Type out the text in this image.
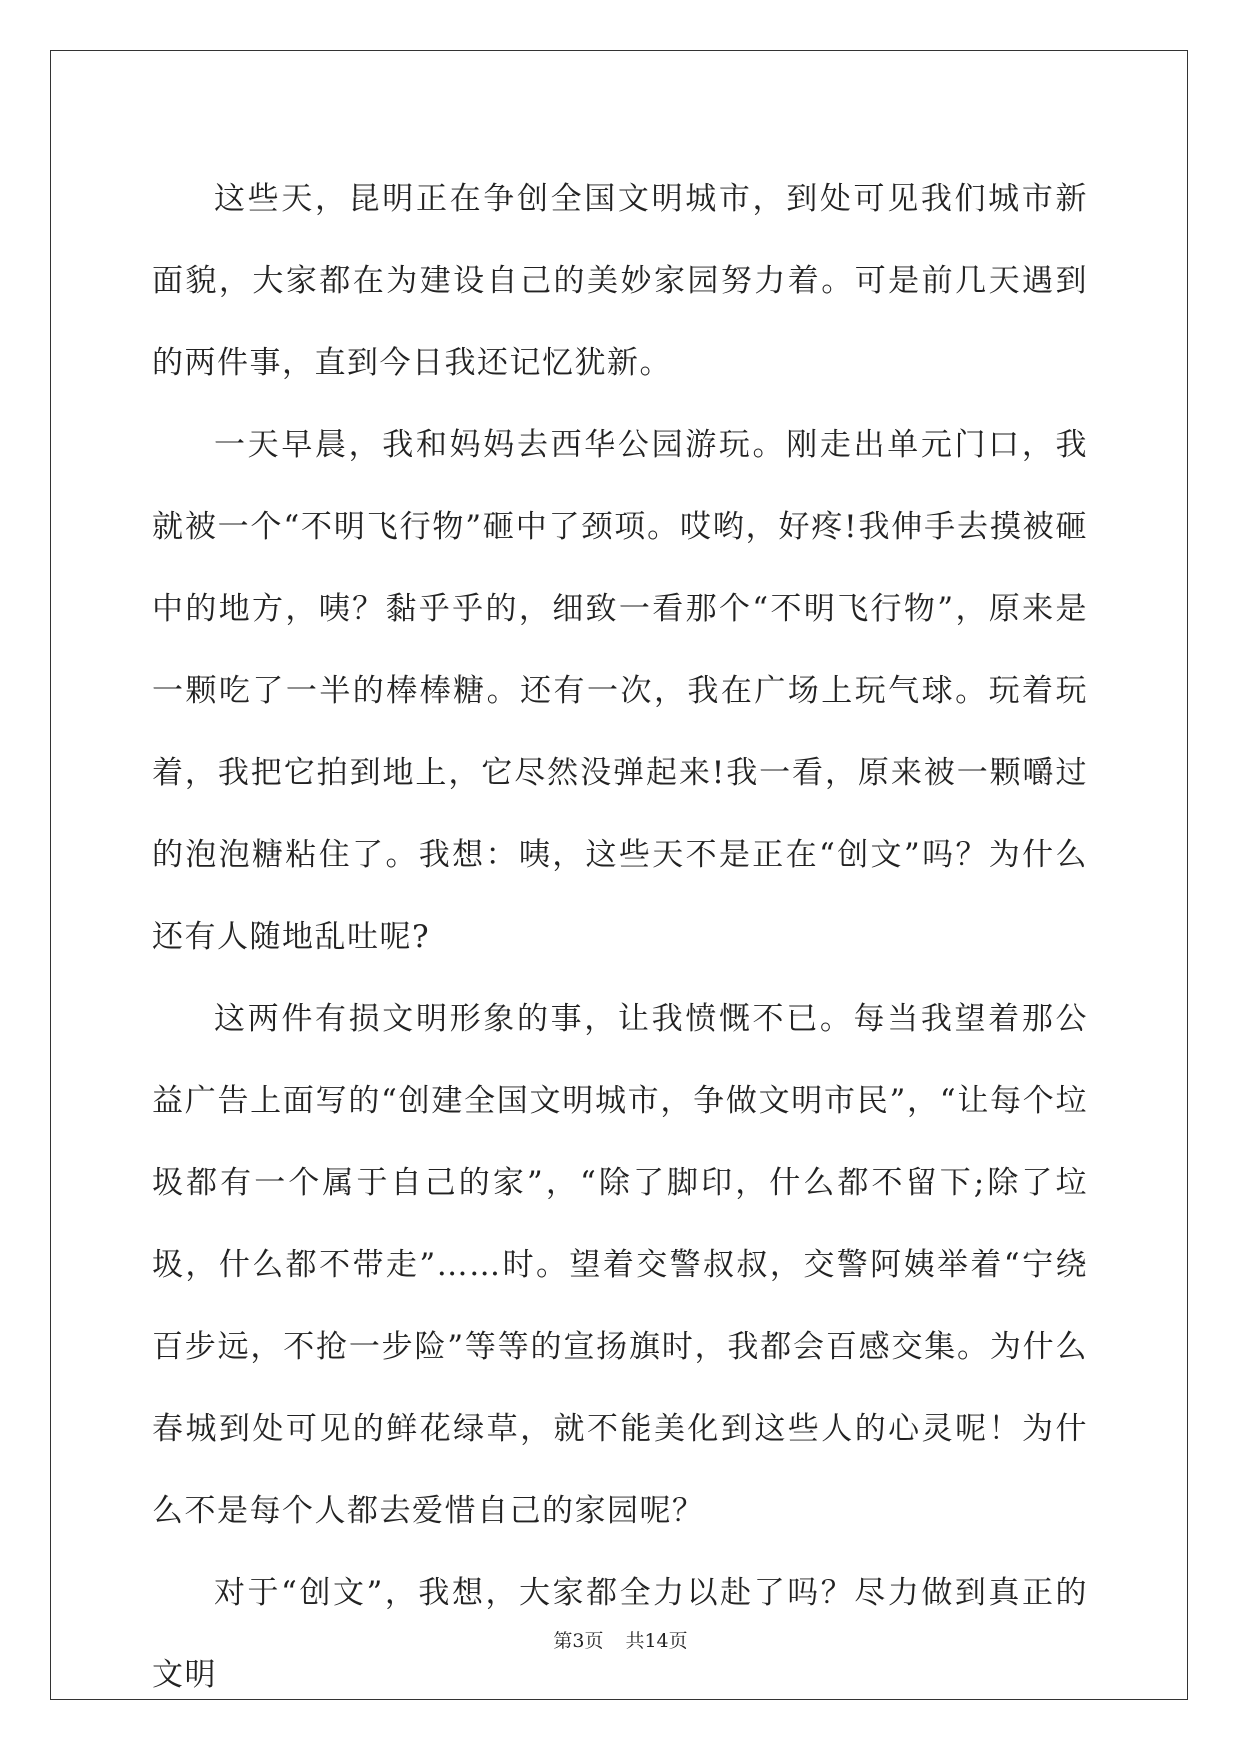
这些天，昆明正在争创全国文明城市，到处可见我们城市新面貌，大家都在为建设自己的美妙家园努力着。可是前几天遇到的两件事，直到今日我还记忆犹新。

一天早晨，我和妈妈去西华公园游玩。刚走出单元门口，我就被一个“不明飞行物”砸中了颈项。哎哟，好疼!我伸手去摸被砸中的地方，咦？黏乎乎的，细致一看那个“不明飞行物”，原来是一颗吃了一半的棒棒糖。还有一次，我在广场上玩气球。玩着玩着，我把它拍到地上，它尽然没弹起来!我一看，原来被一颗嚼过的泡泡糖粘住了。我想：咦，这些天不是正在“创文”吗？为什么还有人随地乱吐呢?

这两件有损文明形象的事，让我愤慨不已。每当我望着那公益广告上面写的“创建全国文明城市，争做文明市民”，“让每个垃圾都有一个属于自己的家”，“除了脚印，什么都不留下;除了垃圾，什么都不带走”……时。望着交警叔叔，交警阿姨举着“宁绕百步远，不抢一步险”等等的宣扬旗时，我都会百感交集。为什么春城到处可见的鲜花绿草，就不能美化到这些人的心灵呢！为什么不是每个人都去爱惜自己的家园呢？

对于“创文”，我想，大家都全力以赴了吗？尽力做到真正的文明

第3页 共14页
